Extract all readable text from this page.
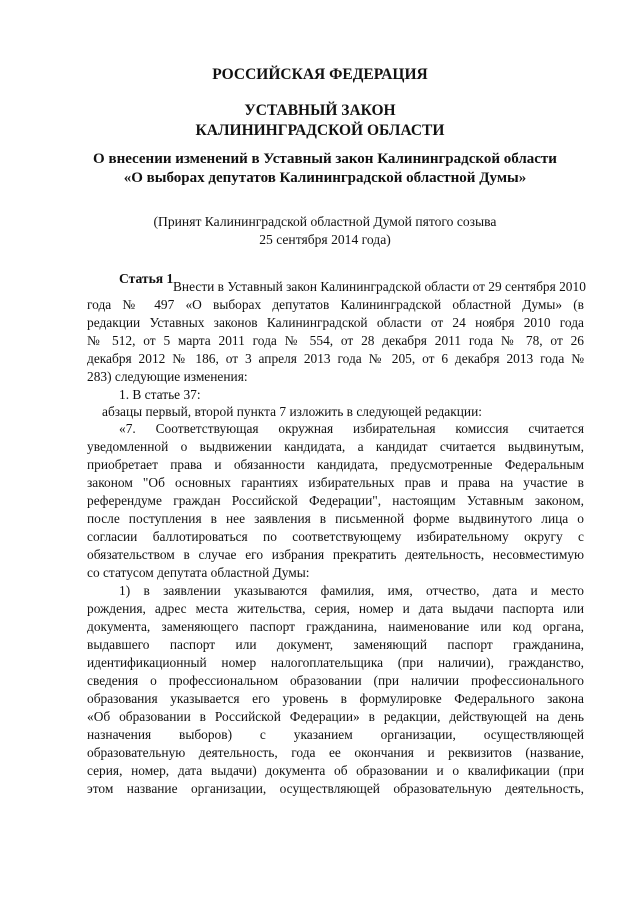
РОССИЙСКАЯ ФЕДЕРАЦИЯ
УСТАВНЫЙ ЗАКОН
КАЛИНИНГРАДСКОЙ ОБЛАСТИ
О внесении изменений в Уставный закон Калининградской области «О выборах депутатов Калининградской областной Думы»
(Принят Калининградской областной Думой пятого созыва
25 сентября 2014 года)
Статья 1
Внести в Уставный закон Калининградской области от 29 сентября 2010
года № 497 «О выборах депутатов Калининградской областной Думы» (в
редакции Уставных законов Калининградской области от 24 ноября 2010 года
№ 512, от 5 марта 2011 года № 554, от 28 декабря 2011 года № 78, от 26
декабря 2012 № 186, от 3 апреля 2013 года № 205, от 6 декабря 2013 года №
283) следующие изменения:
1. В статье 37:
абзацы первый, второй пункта 7 изложить в следующей редакции:
«7. Соответствующая окружная избирательная комиссия считается
уведомленной о выдвижении кандидата, а кандидат считается выдвинутым,
приобретает права и обязанности кандидата, предусмотренные Федеральным
законом "Об основных гарантиях избирательных прав и права на участие в
референдуме граждан Российской Федерации", настоящим Уставным законом,
после поступления в нее заявления в письменной форме выдвинутого лица о
согласии баллотироваться по соответствующему избирательному округу с
обязательством в случае его избрания прекратить деятельность, несовместимую
со статусом депутата областной Думы:
1) в заявлении указываются фамилия, имя, отчество, дата и место
рождения, адрес места жительства, серия, номер и дата выдачи паспорта или
документа, заменяющего паспорт гражданина, наименование или код органа,
выдавшего паспорт или документ, заменяющий паспорт гражданина,
идентификационный номер налогоплательщика (при наличии), гражданство,
сведения о профессиональном образовании (при наличии профессионального
образования указывается его уровень в формулировке Федерального закона
«Об образовании в Российской Федерации» в редакции, действующей на день
назначения выборов) с указанием организации, осуществляющей
образовательную деятельность, года ее окончания и реквизитов (название,
серия, номер, дата выдачи) документа об образовании и о квалификации (при
этом название организации, осуществляющей образовательную деятельность,
